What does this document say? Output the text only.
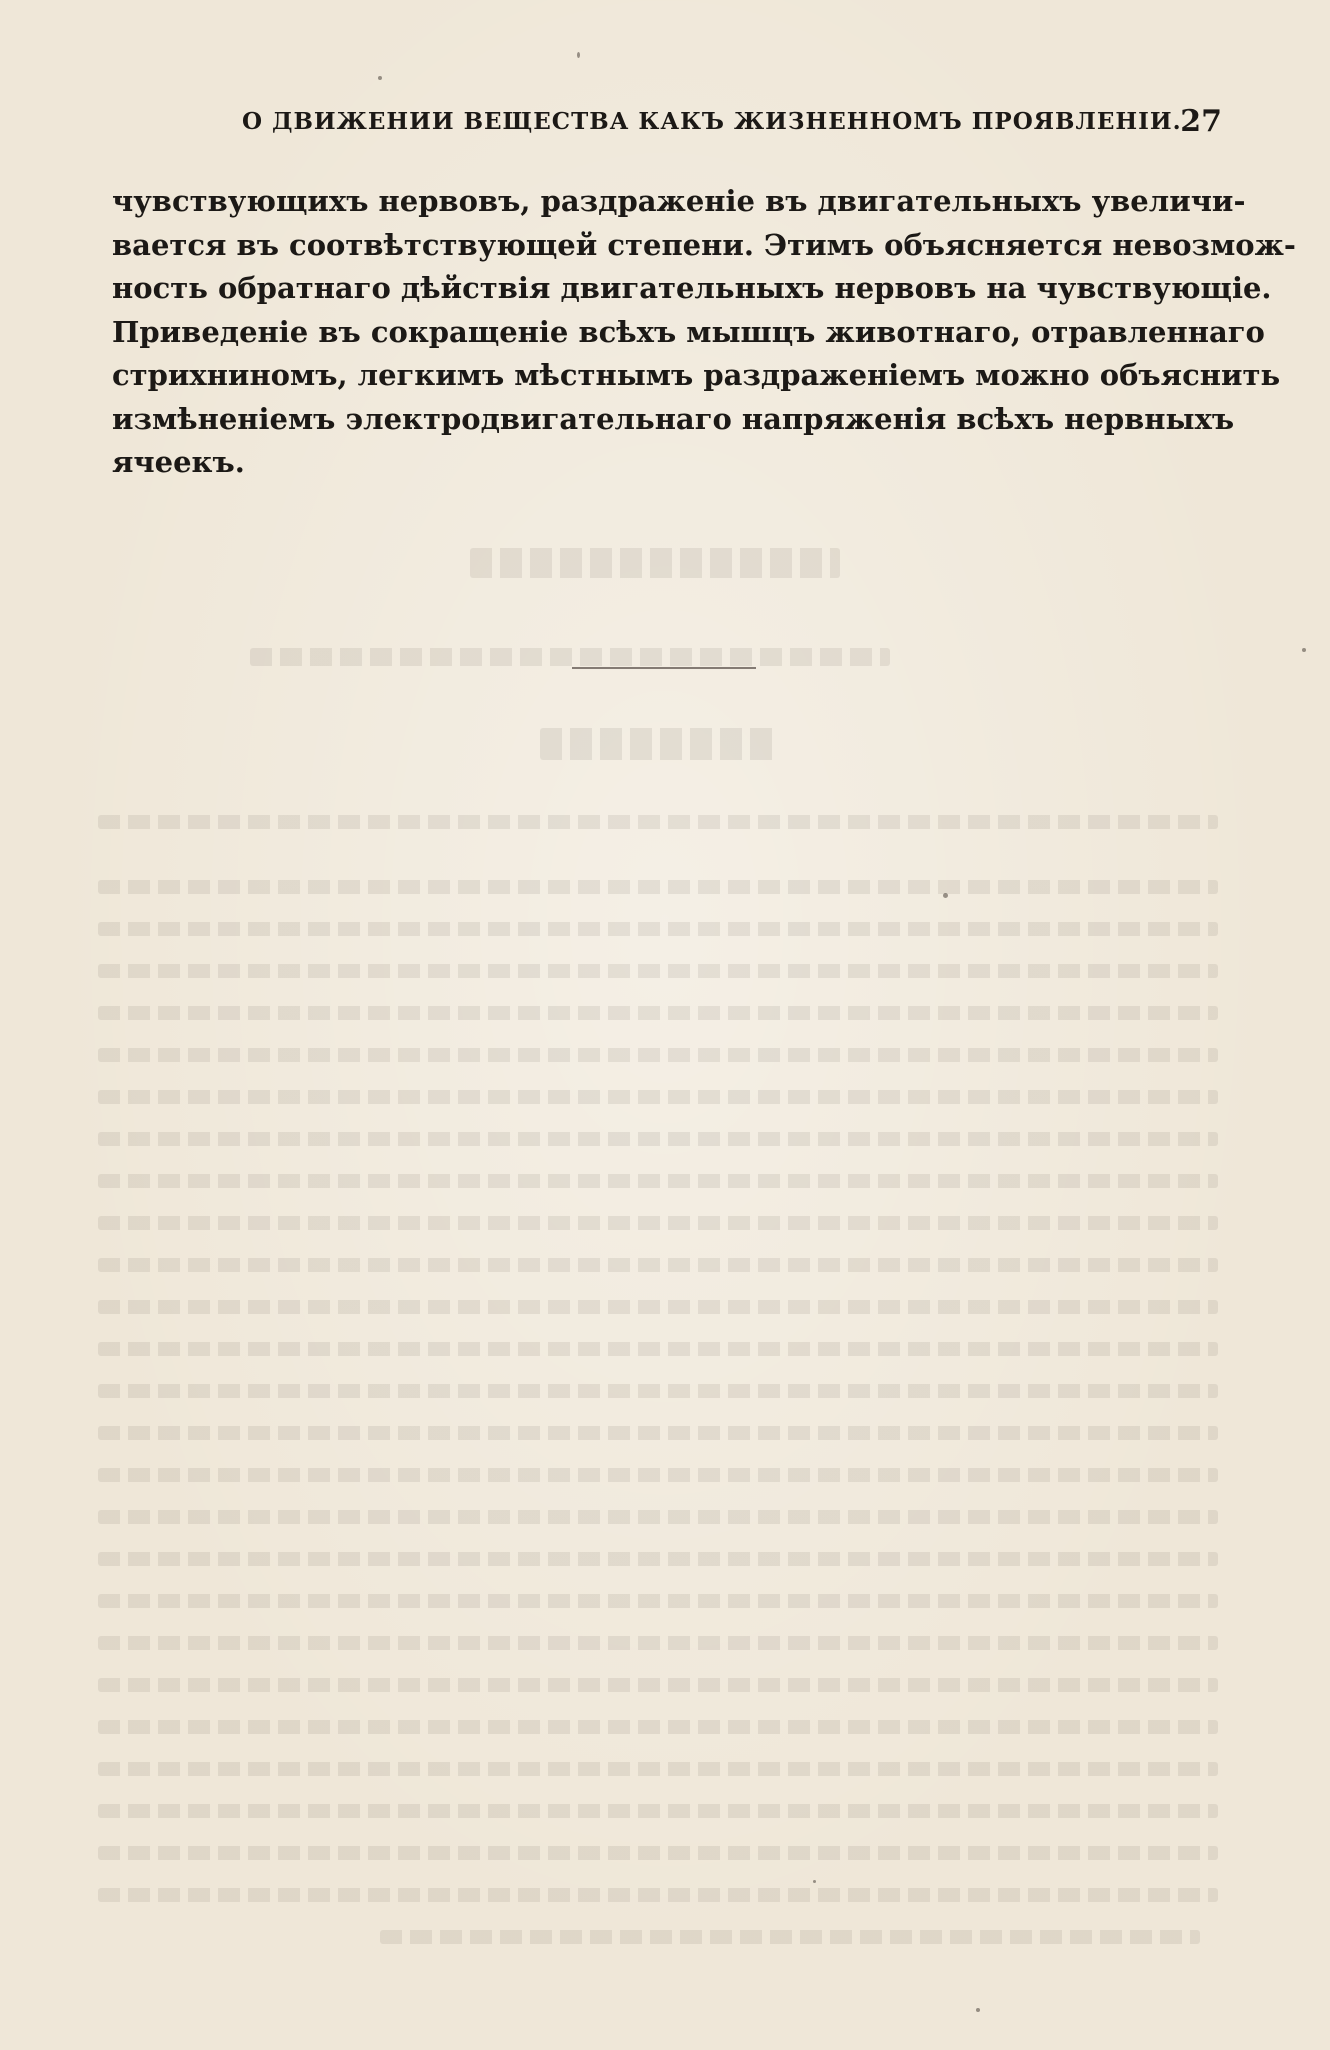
О ДВИЖЕНИИ ВЕЩЕСТВА КАКЪ ЖИЗНЕННОМЪ ПРОЯВЛЕНІИ.
27
чувствующихъ нервовъ, раздраженіе въ двигательныхъ увеличи-
вается въ соотвѣтствующей степени. Этимъ объясняется невозмож-
ность обратнаго дѣйствія двигательныхъ нервовъ на чувствующіе.
Приведеніе въ сокращеніе всѣхъ мышцъ животнаго, отравленнаго
стрихниномъ, легкимъ мѣстнымъ раздраженіемъ можно объяснить
измѣненіемъ электродвигательнаго напряженія всѣхъ нервныхъ
ячеекъ.
